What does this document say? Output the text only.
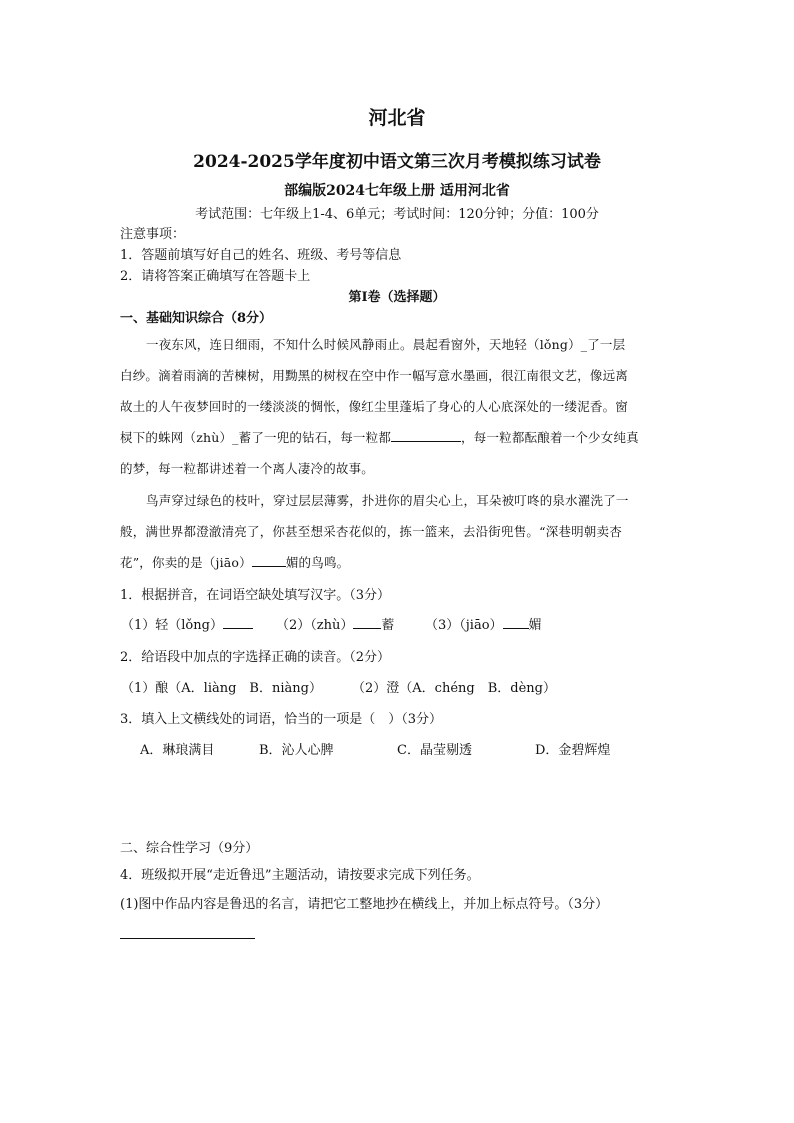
河北省
2024-2025学年度初中语文第三次月考模拟练习试卷
部编版2024七年级上册 适用河北省
考试范围：七年级上1-4、6单元；考试时间：120分钟；分值：100分
注意事项：
1．答题前填写好自己的姓名、班级、考号等信息
2．请将答案正确填写在答题卡上
第I卷（选择题）
一、基础知识综合（8分）
一夜东风，连日细雨，不知什么时候风静雨止。晨起看窗外，天地轻（lǒng）_了一层
白纱。滴着雨滴的苦楝树，用黝黑的树杈在空中作一幅写意水墨画，很江南很文艺，像远离
故土的人午夜梦回时的一缕淡淡的惆怅，像红尘里蓬垢了身心的人心底深处的一缕泥香。窗
棂下的蛛网（zhù）_蓄了一兜的钻石，每一粒都	，每一粒都酝酿着一个少女纯真
的梦，每一粒都讲述着一个离人凄冷的故事。
鸟声穿过绿色的枝叶，穿过层层薄雾，扑进你的眉尖心上，耳朵被叮咚的泉水濯洗了一
般，满世界都澄澈清亮了，你甚至想采杏花似的，拣一篮来，去沿街兜售。“深巷明朝卖杏
花”，你卖的是（jiāo）	媚的鸟鸣。
1．根据拼音，在词语空缺处填写汉字。（3分）
（1）轻（lǒng）	（2）（zhù） 蓄 （3）（jiāo） 媚
2．给语段中加点的字选择正确的读音。（2分）
（1）酿（A．liàng　B．niàng） （2）澄（A．chéng　B．dèng）
3．填入上文横线处的词语，恰当的一项是（　）（3分）
A．琳琅满目	B．沁人心脾	C．晶莹剔透	D．金碧辉煌
二、综合性学习（9分）
4．班级拟开展“走近鲁迅”主题活动，请按要求完成下列任务。
(1)图中作品内容是鲁迅的名言，请把它工整地抄在横线上，并加上标点符号。（3分）
